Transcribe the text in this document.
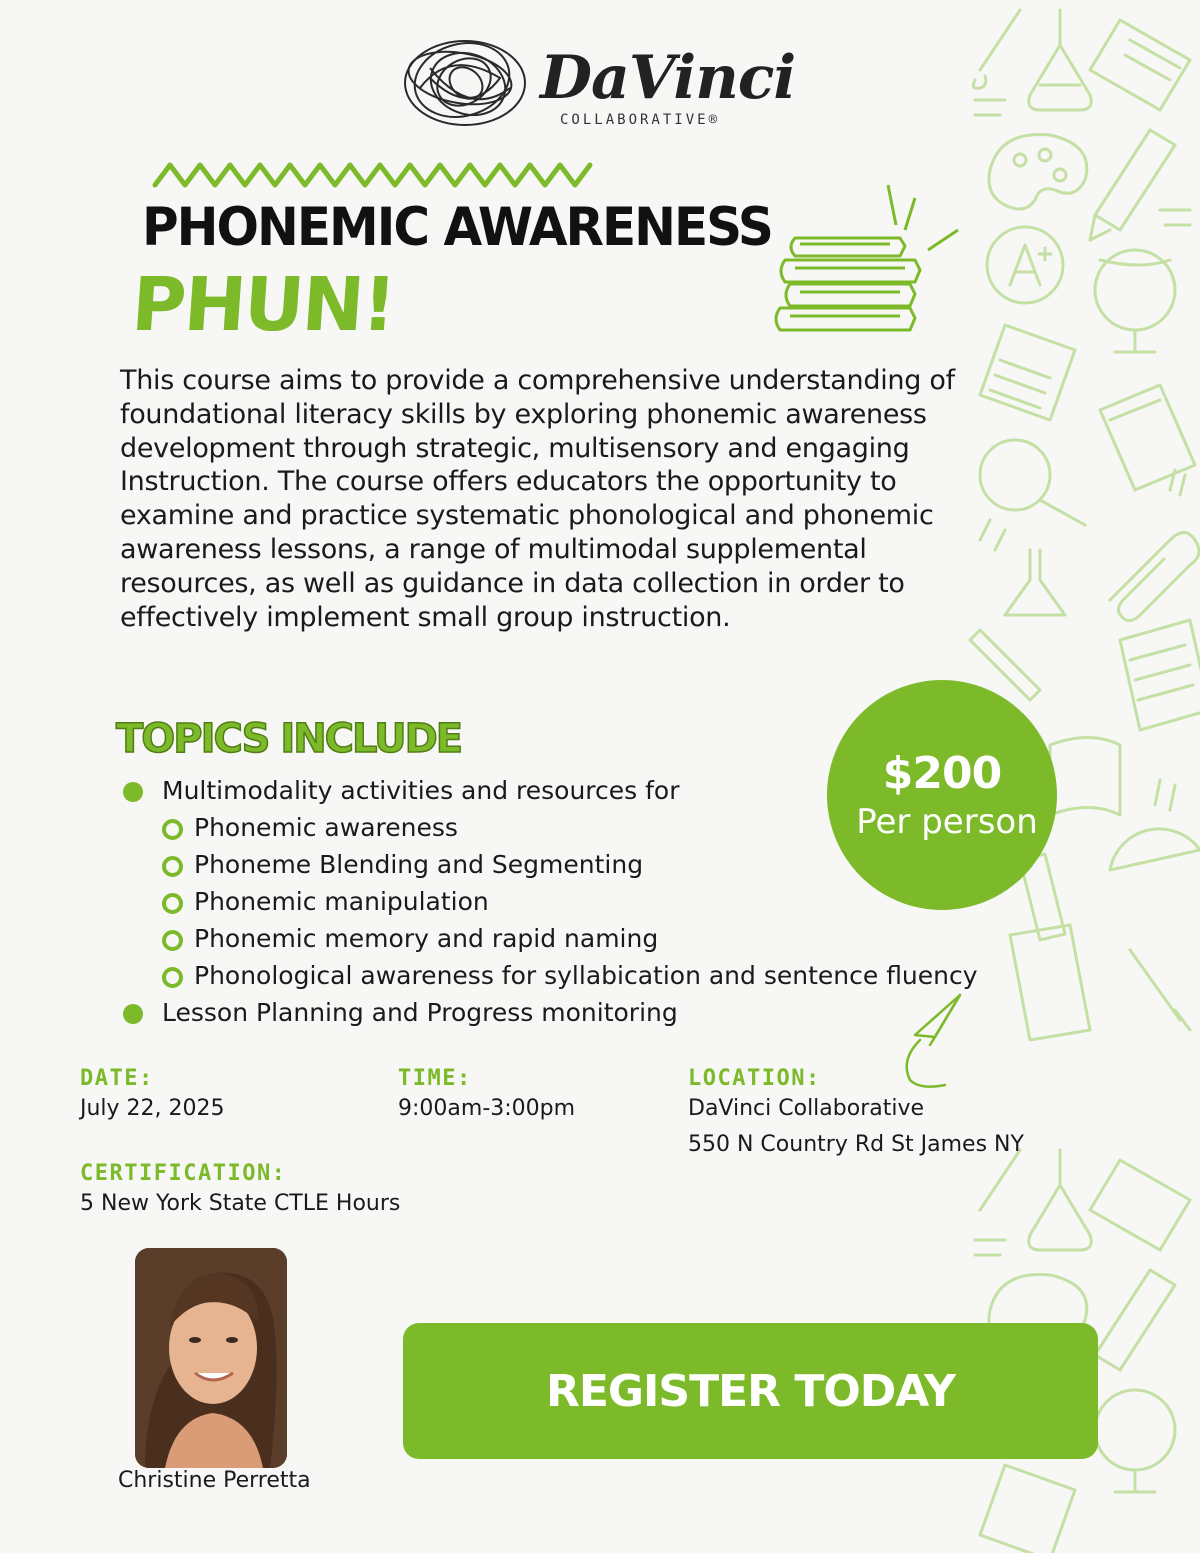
DaVinci
COLLABORATIVE®
PHONEMIC AWARENESS
PHUN!

This course aims to provide a comprehensive understanding of foundational literacy skills by exploring phonemic awareness development through strategic, multisensory and engaging Instruction. The course offers educators the opportunity to examine and practice systematic phonological and phonemic awareness lessons, a range of multimodal supplemental resources, as well as guidance in data collection in order to effectively implement small group instruction.

TOPICS INCLUDE
Multimodality activities and resources for
Phonemic awareness
Phoneme Blending and Segmenting
Phonemic manipulation
Phonemic memory and rapid naming
Phonological awareness for syllabication and sentence fluency
Lesson Planning and Progress monitoring
$200
Per person
DATE:
July 22, 2025
TIME:
9:00am-3:00pm
LOCATION:
DaVinci Collaborative
550 N Country Rd St James NY
CERTIFICATION:
5 New York State CTLE Hours
Christine Perretta
REGISTER TODAY
